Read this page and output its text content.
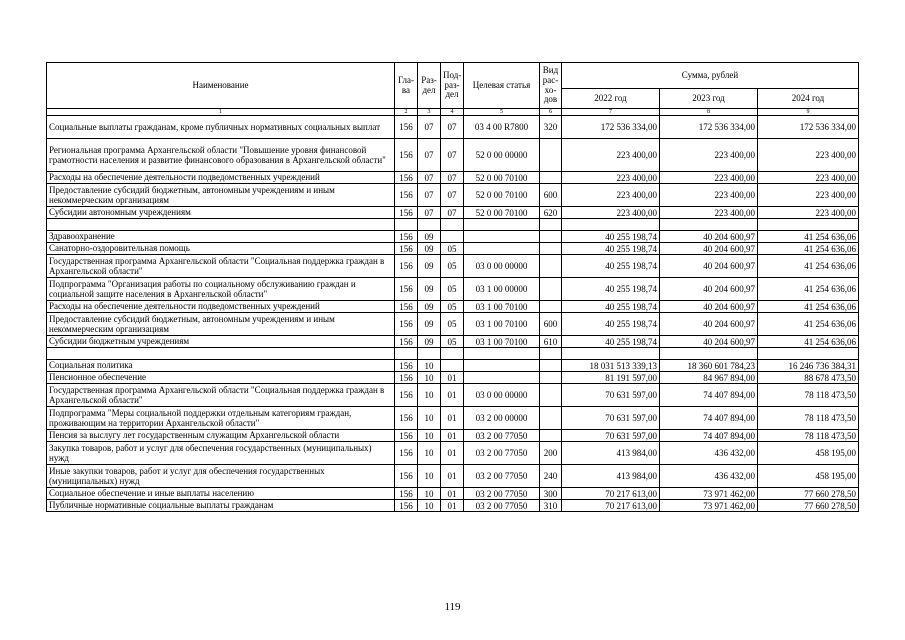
Наименование	Гла-ва	Раз-дел	Под-раз-дел	Целевая статья	Вид рас-хо-дов	Сумма, рублей		
						2022 год	2023 год	2024 год
1	2	3	4	5	6	7	8	9
Социальные выплаты гражданам, кроме публичных нормативных социальных выплат	156	07	07	03 4 00 R7800	320	172 536 334,00	172 536 334,00	172 536 334,00
Региональная программа Архангельской области "Повышение уровня финансовой грамотности населения и развитие финансового образования в Архангельской области"	156	07	07	52 0 00 00000		223 400,00	223 400,00	223 400,00
Расходы на обеспечение деятельности подведомственных учреждений	156	07	07	52 0 00 70100		223 400,00	223 400,00	223 400,00
Предоставление субсидий бюджетным, автономным учреждениям и иным некоммерческим организациям	156	07	07	52 0 00 70100	600	223 400,00	223 400,00	223 400,00
Субсидии автономным учреждениям	156	07	07	52 0 00 70100	620	223 400,00	223 400,00	223 400,00

Здравоохранение	156	09				40 255 198,74	40 204 600,97	41 254 636,06
Санаторно-оздоровительная помощь	156	09	05			40 255 198,74	40 204 600,97	41 254 636,06
Государственная программа Архангельской области "Социальная поддержка граждан в Архангельской области"	156	09	05	03 0 00 00000		40 255 198,74	40 204 600,97	41 254 636,06
Подпрограмма "Организация работы по социальному обслуживанию граждан и социальной защите населения в Архангельской области"	156	09	05	03 1 00 00000		40 255 198,74	40 204 600,97	41 254 636,06
Расходы на обеспечение деятельности подведомственных учреждений	156	09	05	03 1 00 70100		40 255 198,74	40 204 600,97	41 254 636,06
Предоставление субсидий бюджетным, автономным учреждениям и иным некоммерческим организациям	156	09	05	03 1 00 70100	600	40 255 198,74	40 204 600,97	41 254 636,06
Субсидии бюджетным учреждениям	156	09	05	03 1 00 70100	610	40 255 198,74	40 204 600,97	41 254 636,06

Социальная политика	156	10				18 031 513 339,13	18 360 601 784,23	16 246 736 384,31
Пенсионное обеспечение	156	10	01			81 191 597,00	84 967 894,00	88 678 473,50
Государственная программа Архангельской области "Социальная поддержка граждан в Архангельской области"	156	10	01	03 0 00 00000		70 631 597,00	74 407 894,00	78 118 473,50
Подпрограмма "Меры социальной поддержки отдельным категориям граждан, проживающим на территории Архангельской области"	156	10	01	03 2 00 00000		70 631 597,00	74 407 894,00	78 118 473,50
Пенсия за выслугу лет государственным служащим Архангельской области	156	10	01	03 2 00 77050		70 631 597,00	74 407 894,00	78 118 473,50
Закупка товаров, работ и услуг для обеспечения государственных (муниципальных) нужд	156	10	01	03 2 00 77050	200	413 984,00	436 432,00	458 195,00
Иные закупки товаров, работ и услуг для обеспечения государственных (муниципальных) нужд	156	10	01	03 2 00 77050	240	413 984,00	436 432,00	458 195,00
Социальное обеспечение и иные выплаты населению	156	10	01	03 2 00 77050	300	70 217 613,00	73 971 462,00	77 660 278,50
Публичные нормативные социальные выплаты гражданам	156	10	01	03 2 00 77050	310	70 217 613,00	73 971 462,00	77 660 278,50
119
